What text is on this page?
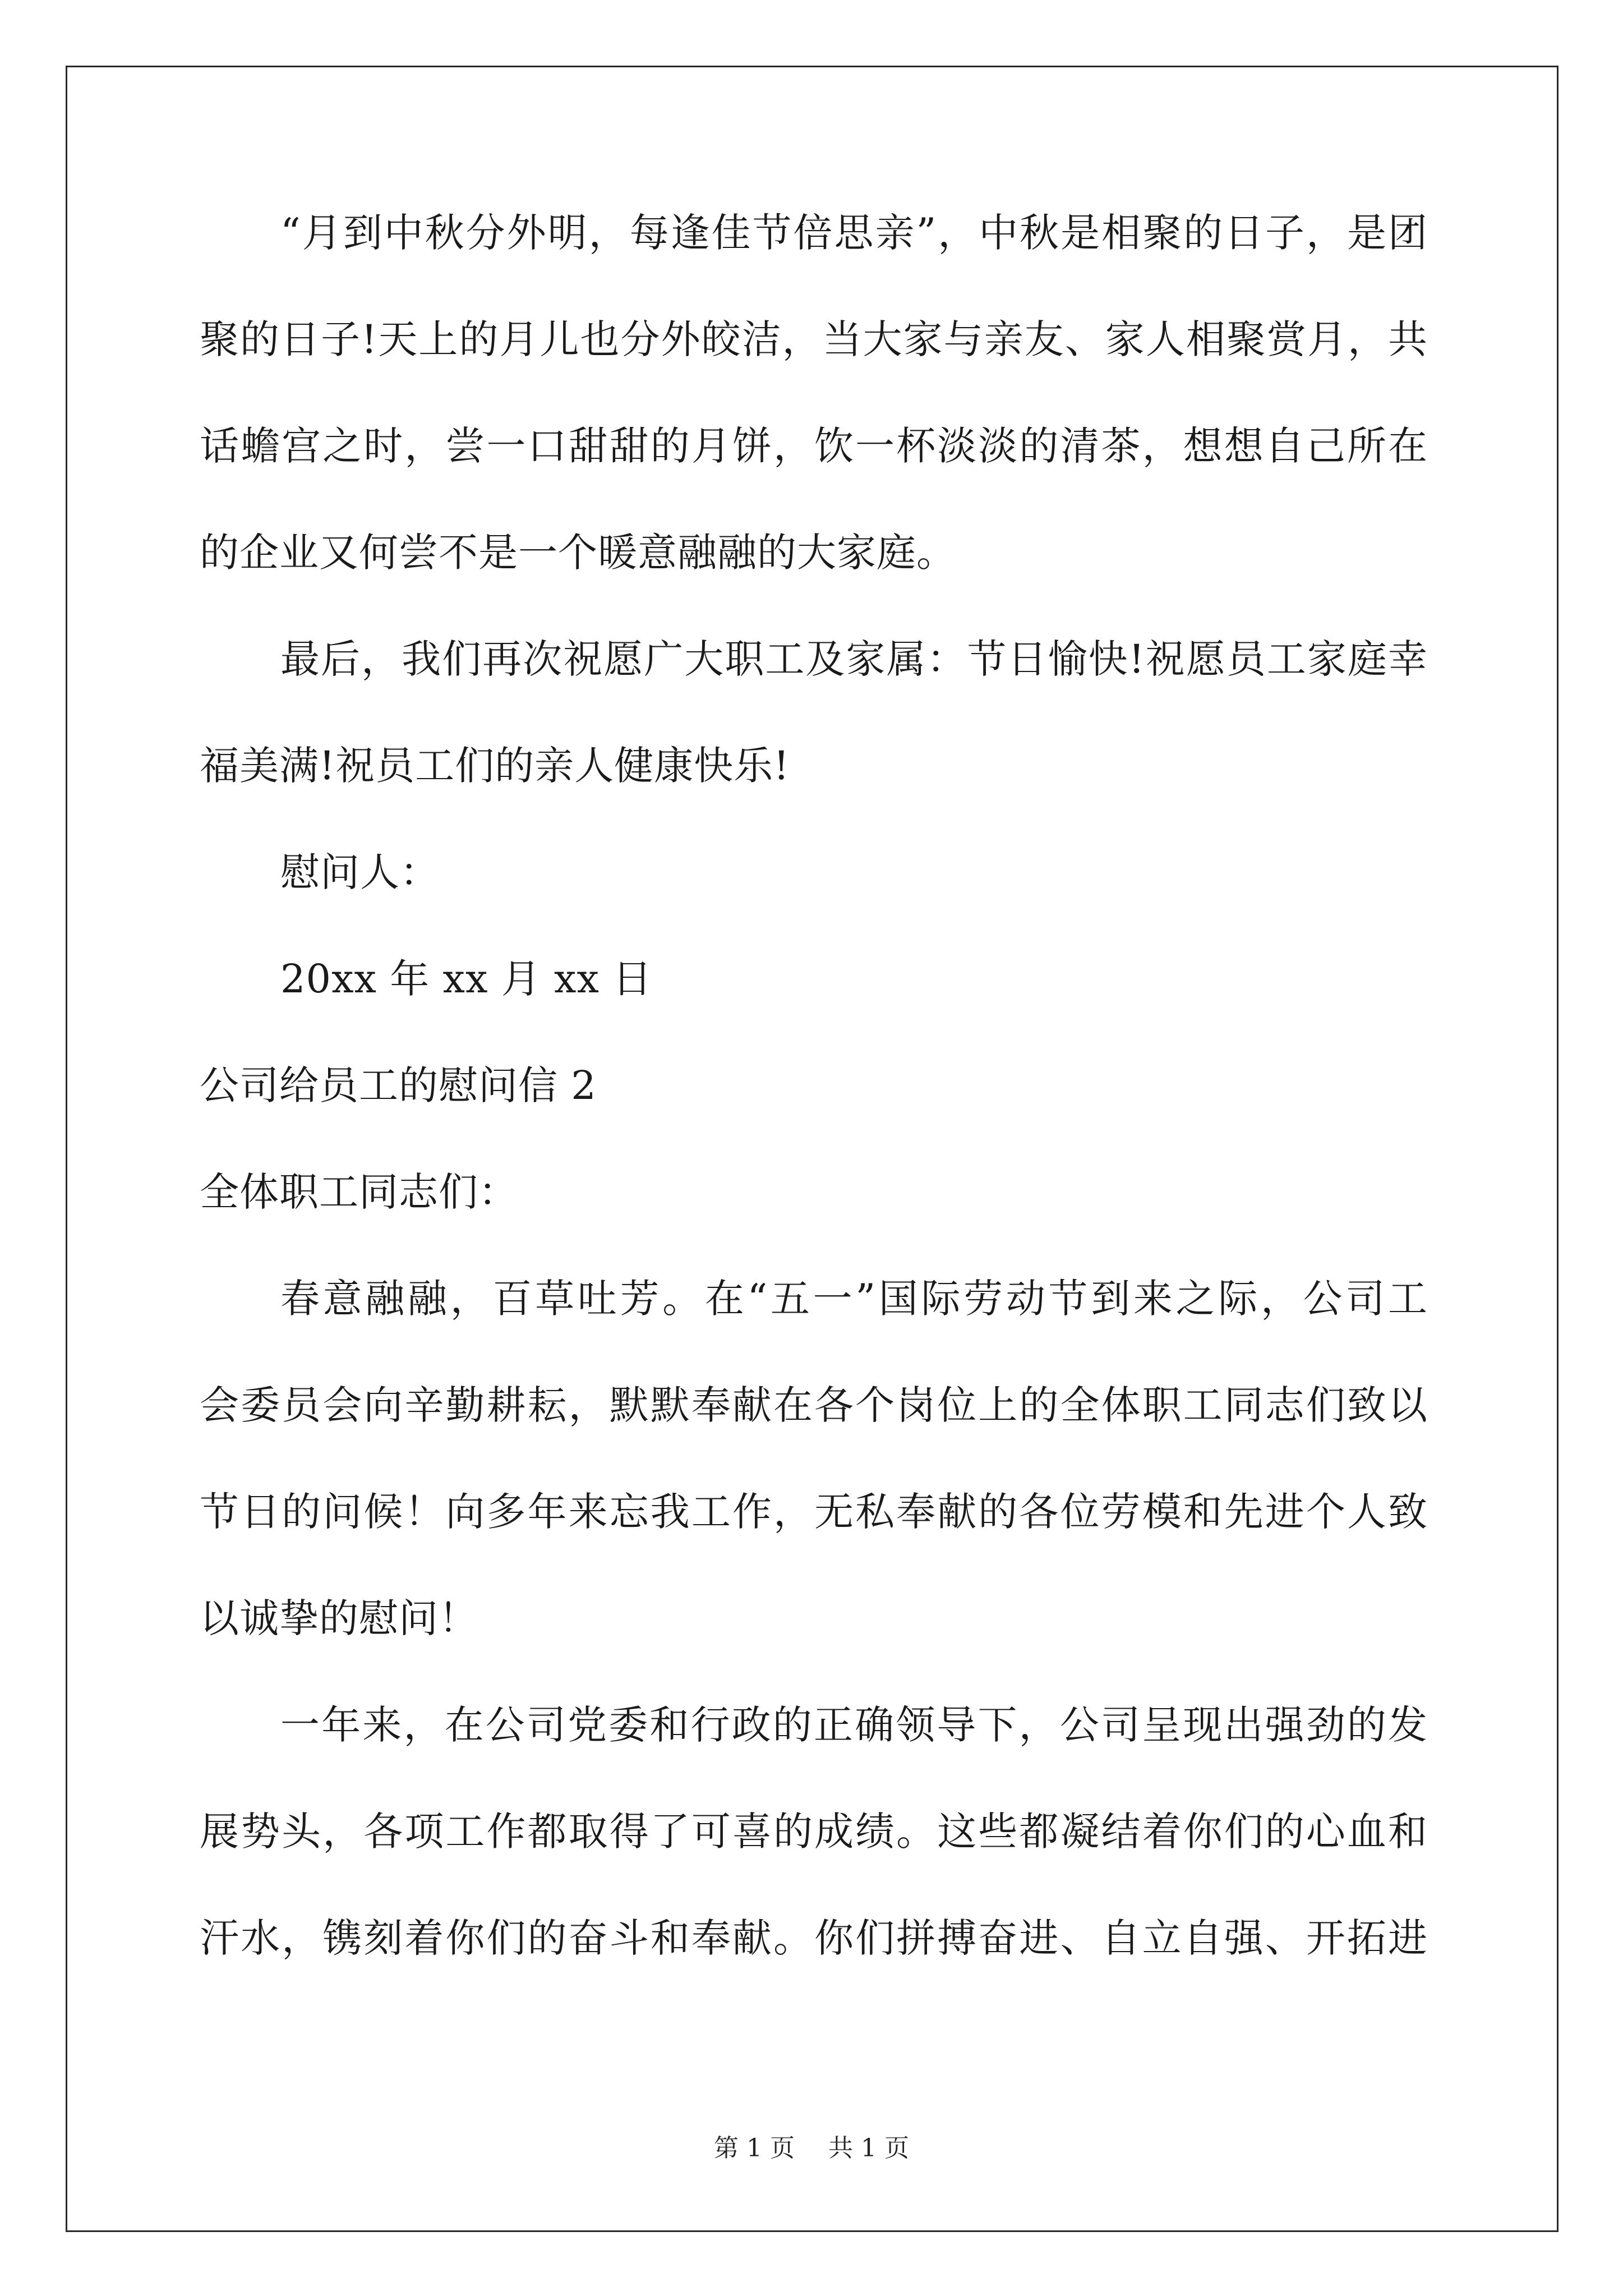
“月到中秋分外明，每逢佳节倍思亲”，中秋是相聚的日子，是团
聚的日子!天上的月儿也分外皎洁，当大家与亲友、家人相聚赏月，共
话蟾宫之时，尝一口甜甜的月饼，饮一杯淡淡的清茶，想想自己所在
的企业又何尝不是一个暖意融融的大家庭。
最后，我们再次祝愿广大职工及家属：节日愉快!祝愿员工家庭幸
福美满!祝员工们的亲人健康快乐!
慰问人：
20xx 年 xx 月 xx 日
公司给员工的慰问信 2
全体职工同志们：
春意融融，百草吐芳。在“五一”国际劳动节到来之际，公司工
会委员会向辛勤耕耘，默默奉献在各个岗位上的全体职工同志们致以
节日的问候！向多年来忘我工作，无私奉献的各位劳模和先进个人致
以诚挚的慰问！
一年来，在公司党委和行政的正确领导下，公司呈现出强劲的发
展势头，各项工作都取得了可喜的成绩。这些都凝结着你们的心血和
汗水，镌刻着你们的奋斗和奉献。你们拼搏奋进、自立自强、开拓进
第 1 页 共 1 页
